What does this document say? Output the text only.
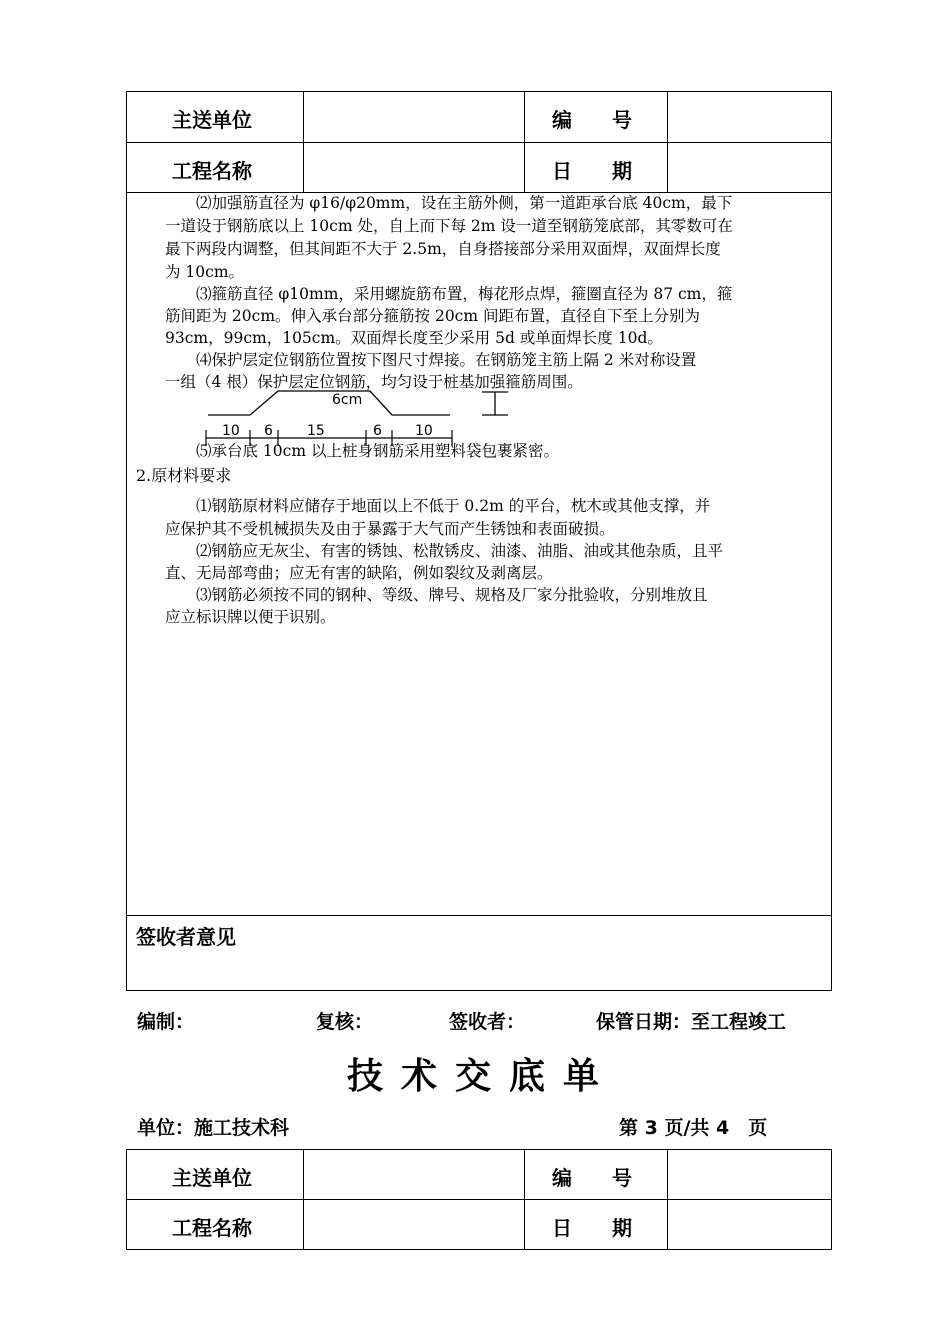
主送单位	编　　号
工程名称	日　　期
　　⑵加强筋直径为 φ16/φ20mm，设在主筋外侧，第一道距承台底 40cm，最下
一道设于钢筋底以上 10cm 处，自上而下每 2m 设一道至钢筋笼底部，其零数可在
最下两段内调整，但其间距不大于 2.5m，自身搭接部分采用双面焊，双面焊长度
为 10cm。
　　⑶箍筋直径 φ10mm，采用螺旋筋布置，梅花形点焊，箍圈直径为 87 cm，箍
筋间距为 20cm。伸入承台部分箍筋按 20cm 间距布置，直径自下至上分别为
93cm，99cm，105cm。双面焊长度至少采用 5d 或单面焊长度 10d。
　　⑷保护层定位钢筋位置按下图尺寸焊接。在钢筋笼主筋上隔 2 米对称设置
一组（4 根）保护层定位钢筋，均匀设于桩基加强箍筋周围。
6cm
10 6 15	6 10
　　⑸承台底 10cm 以上桩身钢筋采用塑料袋包裹紧密。
2.原材料要求
　　⑴钢筋原材料应储存于地面以上不低于 0.2m 的平台，枕木或其他支撑，并
应保护其不受机械损失及由于暴露于大气而产生锈蚀和表面破损。
　　⑵钢筋应无灰尘、有害的锈蚀、松散锈皮、油漆、油脂、油或其他杂质，且平
直、无局部弯曲；应无有害的缺陷，例如裂纹及剥离层。
　　⑶钢筋必须按不同的钢种、等级、牌号、规格及厂家分批验收，分别堆放且
应立标识牌以便于识别。
签收者意见
编制：	复核：	签收者：	保管日期：至工程竣工
技术交底单
单位：施工技术科	第 3 页/共 4　页
主送单位	编　　号
工程名称	日　　期
